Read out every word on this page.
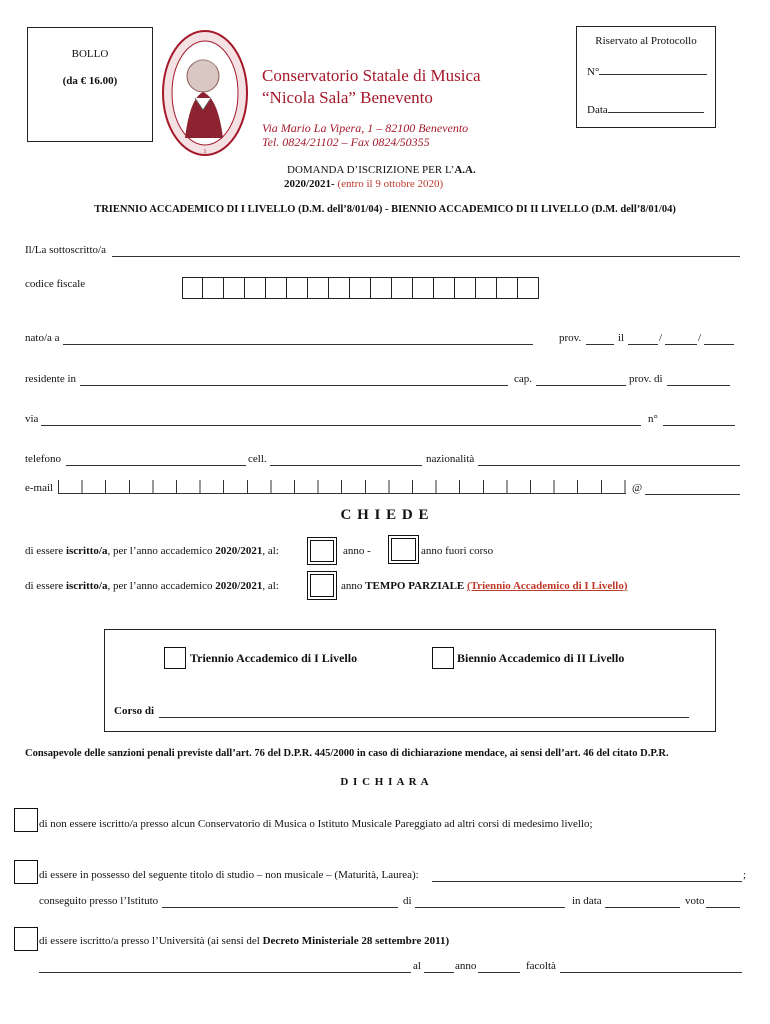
BOLLO
(da € 16.00)
1
Conservatorio Statale di Musica
“Nicola Sala” Benevento
Via Mario La Vipera, 1 – 82100 Benevento
Tel. 0824/21102 – Fax 0824/50355
Riservato al Protocollo
N°
Data
DOMANDA D’ISCRIZIONE PER L’A.A.
2020/2021- (entro il 9 ottobre 2020)
TRIENNIO ACCADEMICO DI I LIVELLO (D.M. dell’8/01/04) - BIENNIO ACCADEMICO DI II LIVELLO (D.M. dell’8/01/04)
Il/La sottoscritto/a
codice fiscale
nato/a a	prov.	il	/	/
residente in	cap.	prov. di
via	n°
telefono	cell.	nazionalità
e-mail	@
C H I E D E
di essere iscritto/a, per l’anno accademico 2020/2021, al:	anno -	anno fuori corso
di essere iscritto/a, per l’anno accademico 2020/2021, al:	anno TEMPO PARZIALE (Triennio Accademico di I Livello)
Triennio Accademico di I Livello	Biennio Accademico di II Livello
Corso di
Consapevole delle sanzioni penali previste dall’art. 76 del D.P.R. 445/2000 in caso di dichiarazione mendace, ai sensi dell’art. 46 del citato D.P.R.
D I C H I A R A
di non essere iscritto/a presso alcun Conservatorio di Musica o Istituto Musicale Pareggiato ad altri corsi di medesimo livello;
di essere in possesso del seguente titolo di studio – non musicale – (Maturità, Laurea):	;
conseguito presso l’Istituto	di	in data	voto
di essere iscritto/a presso l’Università (ai sensi del Decreto Ministeriale 28 settembre 2011)
al	anno	facoltà
